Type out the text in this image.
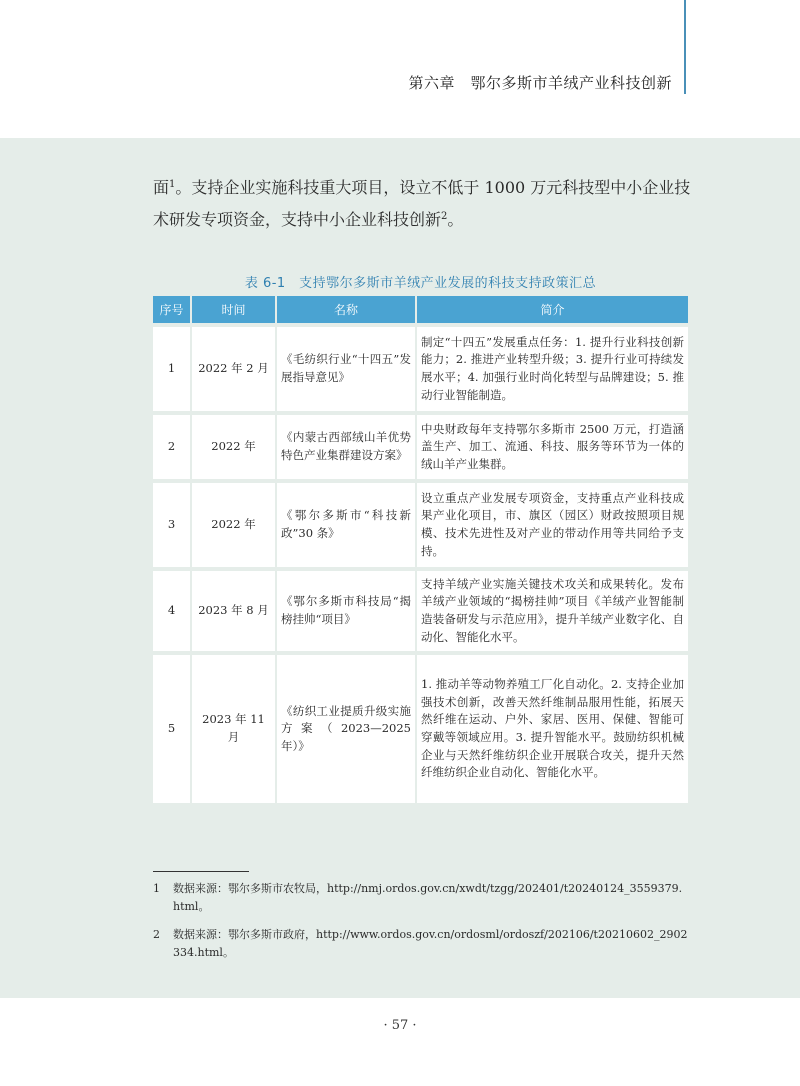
第六章　鄂尔多斯市羊绒产业科技创新
面$^1$。支持企业实施科技重大项目，设立不低于 1000 万元科技型中小企业技
术研发专项资金，支持中小企业科技创新$^2$。
表 6-1　支持鄂尔多斯市羊绒产业发展的科技支持政策汇总
序号	时间	名称	简介
1	2022 年 2 月	《毛纺织行业“十四五”发展指导意见》	制定“十四五”发展重点任务：1. 提升行业科技创新能力；2. 推进产业转型升级；3. 提升行业可持续发展水平；4. 加强行业时尚化转型与品牌建设；5. 推动行业智能制造。
2	2022 年	《内蒙古西部绒山羊优势特色产业集群建设方案》	中央财政每年支持鄂尔多斯市 2500 万元，打造涵盖生产、加工、流通、科技、服务等环节为一体的绒山羊产业集群。
3	2022 年	《鄂尔多斯市“科技新政”30 条》	设立重点产业发展专项资金，支持重点产业科技成果产业化项目，市、旗区（园区）财政按照项目规模、技术先进性及对产业的带动作用等共同给予支持。
4	2023 年 8 月	《鄂尔多斯市科技局“揭榜挂帅“项目》	支持羊绒产业实施关键技术攻关和成果转化。发布羊绒产业领域的“揭榜挂帅”项目《羊绒产业智能制造装备研发与示范应用》，提升羊绒产业数字化、自动化、智能化水平。
5	2023 年 11 月	《纺织工业提质升级实施方案（2023—2025 年）》	1. 推动羊等动物养殖工厂化自动化。2. 支持企业加强技术创新，改善天然纤维制品服用性能，拓展天然纤维在运动、户外、家居、医用、保健、智能可穿戴等领域应用。3. 提升智能水平。鼓励纺织机械企业与天然纤维纺织企业开展联合攻关，提升天然纤维纺织企业自动化、智能化水平。
1 数据来源：鄂尔多斯市农牧局，http://nmj.ordos.gov.cn/xwdt/tzgg/202401/t20240124_3559379.html。
2 数据来源：鄂尔多斯市政府，http://www.ordos.gov.cn/ordosml/ordoszf/202106/t20210602_2902334.html。
· 57 ·
